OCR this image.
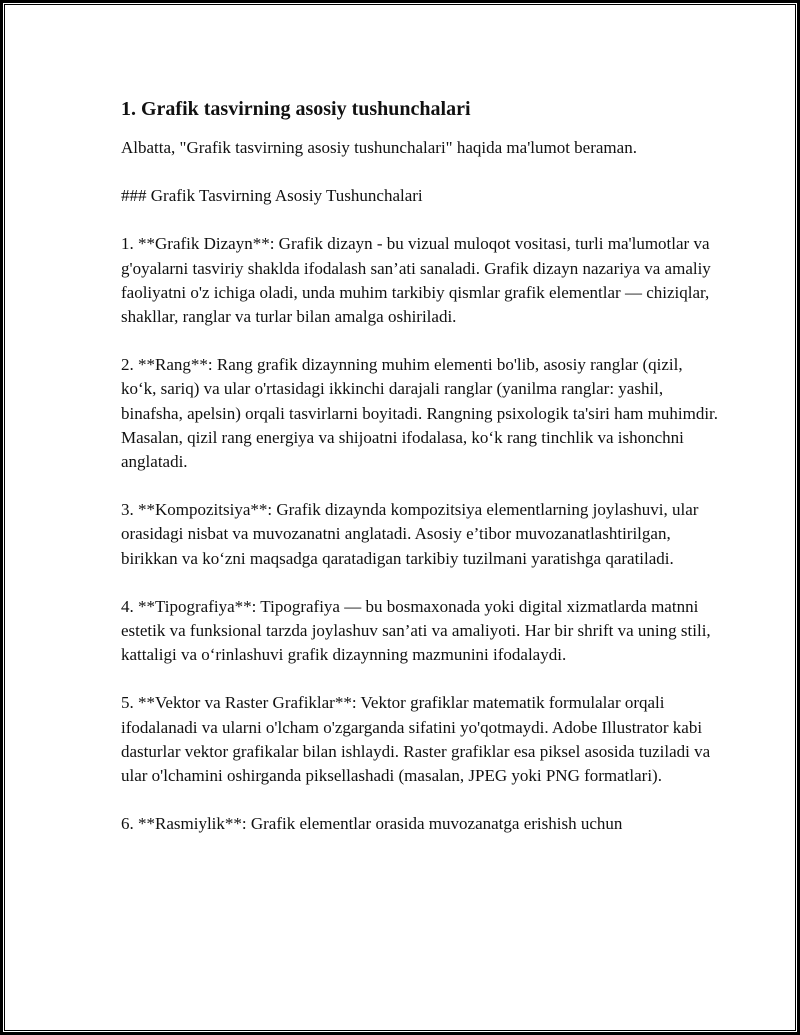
1. Grafik tasvirning asosiy tushunchalari

Albatta, "Grafik tasvirning asosiy tushunchalari" haqida ma'lumot beraman.

### Grafik Tasvirning Asosiy Tushunchalari

1. **Grafik Dizayn**: Grafik dizayn - bu vizual muloqot vositasi, turli ma'lumotlar va g'oyalarni tasviriy shaklda ifodalash san’ati sanaladi. Grafik dizayn nazariya va amaliy faoliyatni o'z ichiga oladi, unda muhim tarkibiy qismlar grafik elementlar — chiziqlar, shakllar, ranglar va turlar bilan amalga oshiriladi.

2. **Rang**: Rang grafik dizaynning muhim elementi bo'lib, asosiy ranglar (qizil, ko‘k, sariq) va ular o'rtasidagi ikkinchi darajali ranglar (yanilma ranglar: yashil, binafsha, apelsin) orqali tasvirlarni boyitadi. Rangning psixologik ta'siri ham muhimdir. Masalan, qizil rang energiya va shijoatni ifodalasa, ko‘k rang tinchlik va ishonchni anglatadi.

3. **Kompozitsiya**: Grafik dizaynda kompozitsiya elementlarning joylashuvi, ular orasidagi nisbat va muvozanatni anglatadi. Asosiy e’tibor muvozanatlashtirilgan, birikkan va ko‘zni maqsadga qaratadigan tarkibiy tuzilmani yaratishga qaratiladi.

4. **Tipografiya**: Tipografiya — bu bosmaxonada yoki digital xizmatlarda matnni estetik va funksional tarzda joylashuv san’ati va amaliyoti. Har bir shrift va uning stili, kattaligi va o‘rinlashuvi grafik dizaynning mazmunini ifodalaydi.

5. **Vektor va Raster Grafiklar**: Vektor grafiklar matematik formulalar orqali ifodalanadi va ularni o'lcham o'zgarganda sifatini yo'qotmaydi. Adobe Illustrator kabi dasturlar vektor grafikalar bilan ishlaydi. Raster grafiklar esa piksel asosida tuziladi va ular o'lchamini oshirganda piksellashadi (masalan, JPEG yoki PNG formatlari).

6. **Rasmiylik**: Grafik elementlar orasida muvozanatga erishish uchun
